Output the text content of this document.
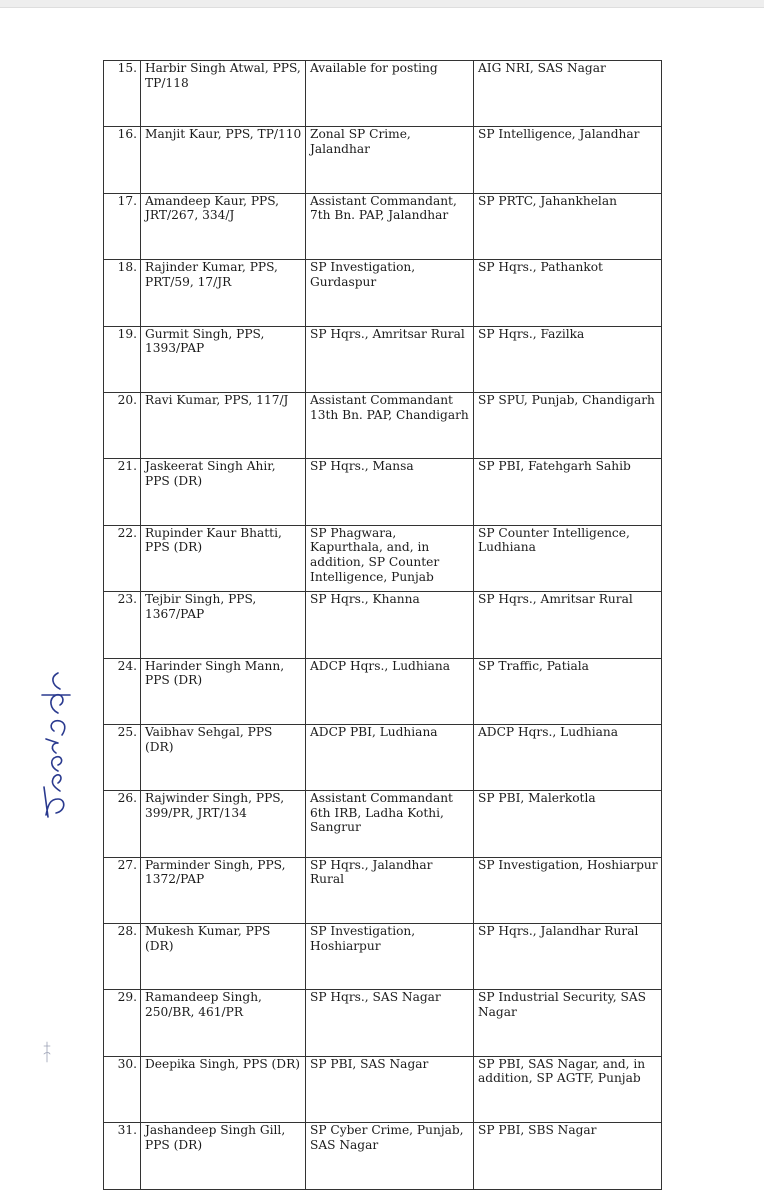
15.	Harbir Singh Atwal, PPS, TP/118	Available for posting	AIG NRI, SAS Nagar
16.	Manjit Kaur, PPS, TP/110	Zonal SP Crime, Jalandhar	SP Intelligence, Jalandhar
17.	Amandeep Kaur, PPS, JRT/267, 334/J	Assistant Commandant, 7th Bn. PAP, Jalandhar	SP PRTC, Jahankhelan
18.	Rajinder Kumar, PPS, PRT/59, 17/JR	SP Investigation, Gurdaspur	SP Hqrs., Pathankot
19.	Gurmit Singh, PPS, 1393/PAP	SP Hqrs., Amritsar Rural	SP Hqrs., Fazilka
20.	Ravi Kumar, PPS, 117/J	Assistant Commandant 13th Bn. PAP, Chandigarh	SP SPU, Punjab, Chandigarh
21.	Jaskeerat Singh Ahir, PPS (DR)	SP Hqrs., Mansa	SP PBI, Fatehgarh Sahib
22.	Rupinder Kaur Bhatti, PPS (DR)	SP Phagwara, Kapurthala, and, in addition, SP Counter Intelligence, Punjab	SP Counter Intelligence, Ludhiana
23.	Tejbir Singh, PPS, 1367/PAP	SP Hqrs., Khanna	SP Hqrs., Amritsar Rural
24.	Harinder Singh Mann, PPS (DR)	ADCP Hqrs., Ludhiana	SP Traffic, Patiala
25.	Vaibhav Sehgal, PPS (DR)	ADCP PBI, Ludhiana	ADCP Hqrs., Ludhiana
26.	Rajwinder Singh, PPS, 399/PR, JRT/134	Assistant Commandant 6th IRB, Ladha Kothi, Sangrur	SP PBI, Malerkotla
27.	Parminder Singh, PPS, 1372/PAP	SP Hqrs., Jalandhar Rural	SP Investigation, Hoshiarpur
28.	Mukesh Kumar, PPS (DR)	SP Investigation, Hoshiarpur	SP Hqrs., Jalandhar Rural
29.	Ramandeep Singh, 250/BR, 461/PR	SP Hqrs., SAS Nagar	SP Industrial Security, SAS Nagar
30.	Deepika Singh, PPS (DR)	SP PBI, SAS Nagar	SP PBI, SAS Nagar, and, in addition, SP AGTF, Punjab
31.	Jashandeep Singh Gill, PPS (DR)	SP Cyber Crime, Punjab, SAS Nagar	SP PBI, SBS Nagar
